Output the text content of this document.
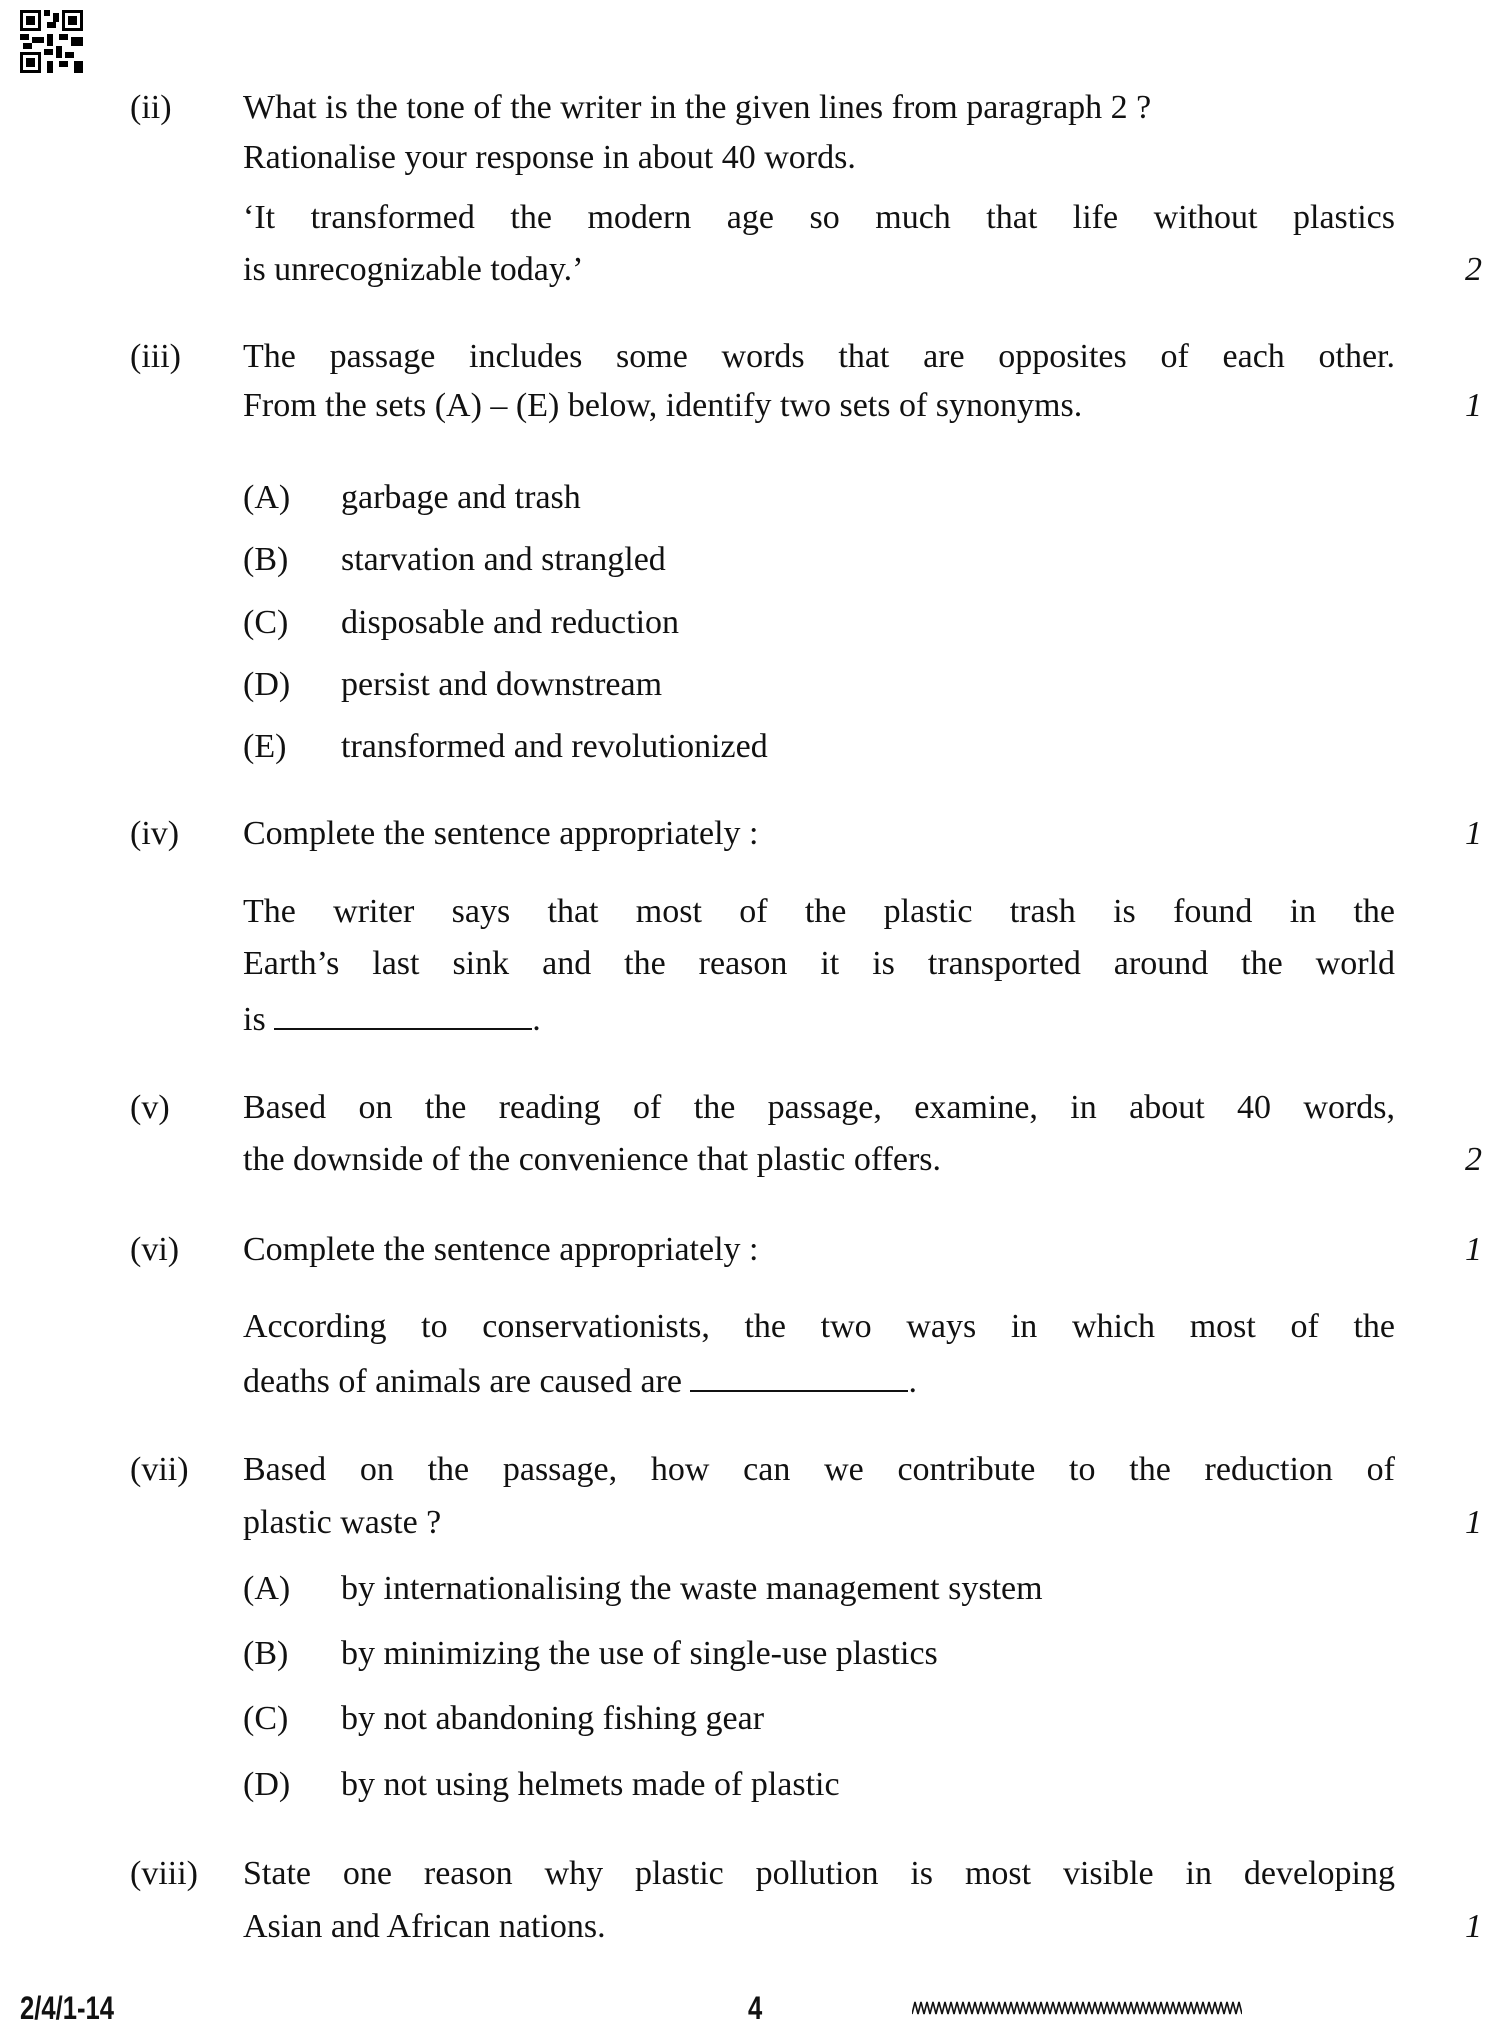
(ii) What is the tone of the writer in the given lines from paragraph 2 ?
Rationalise your response in about 40 words.
‘It transformed the modern age so much that life without plastics
is unrecognizable today.’	2
(iii) The passage includes some words that are opposites of each other.
From the sets (A) – (E) below, identify two sets of synonyms.	1
(A) garbage and trash
(B) starvation and strangled
(C) disposable and reduction
(D) persist and downstream
(E) transformed and revolutionized
(iv) Complete the sentence appropriately :	1
The writer says that most of the plastic trash is found in the
Earth’s last sink and the reason it is transported around the world
is	.
(v) Based on the reading of the passage, examine, in about 40 words,
the downside of the convenience that plastic offers.	2
(vi) Complete the sentence appropriately :	1
According to conservationists, the two ways in which most of the
deaths of animals are caused are	.
(vii) Based on the passage, how can we contribute to the reduction of
plastic waste ?	1
(A) by internationalising the waste management system
(B) by minimizing the use of single-use plastics
(C) by not abandoning fishing gear
(D) by not using helmets made of plastic
(viii) State one reason why plastic pollution is most visible in developing
Asian and African nations.	1
2/4/1-14	4
